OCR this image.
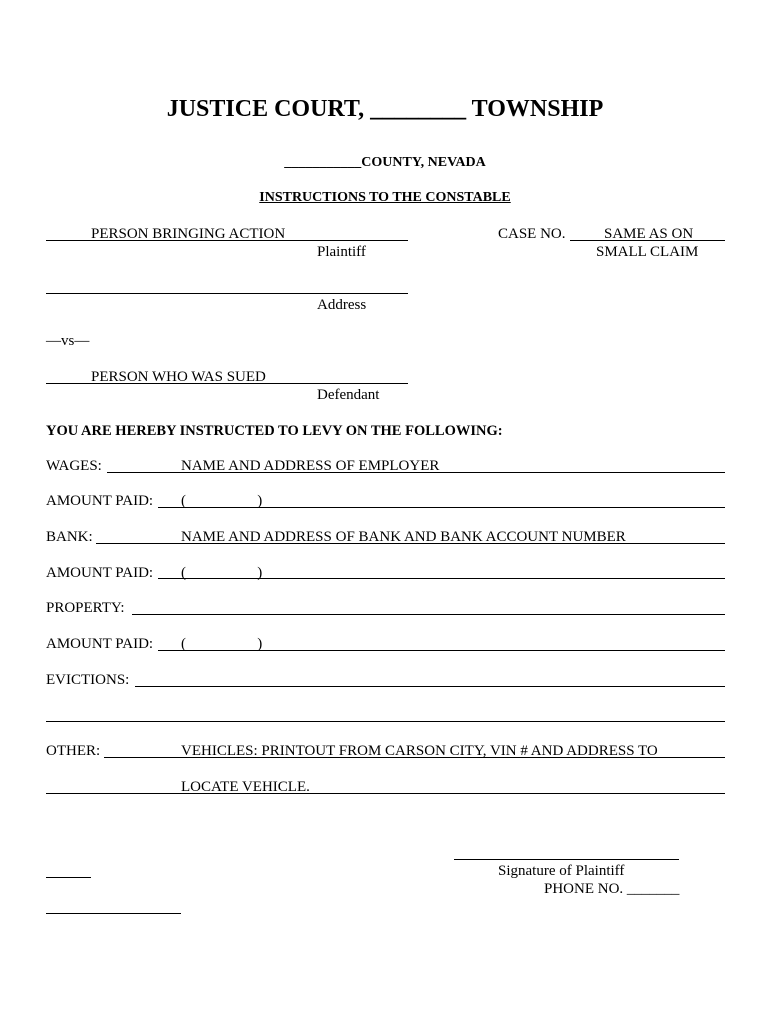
JUSTICE COURT, ________ TOWNSHIP
___________COUNTY, NEVADA
INSTRUCTIONS TO THE CONSTABLE
PERSON BRINGING ACTION
Plaintiff
CASE NO.	SAME AS ON
SMALL CLAIM
Address
—vs—
PERSON WHO WAS SUED
Defendant
YOU ARE HEREBY INSTRUCTED TO LEVY ON THE FOLLOWING:
WAGES:	NAME AND ADDRESS OF EMPLOYER
AMOUNT PAID: (                   )
BANK:	NAME AND ADDRESS OF BANK AND BANK ACCOUNT NUMBER
AMOUNT PAID: (                   )
PROPERTY:
AMOUNT PAID: (                   )
EVICTIONS:
OTHER:	VEHICLES: PRINTOUT FROM CARSON CITY, VIN # AND ADDRESS TO
LOCATE VEHICLE.
Signature of Plaintiff
PHONE NO. _______
